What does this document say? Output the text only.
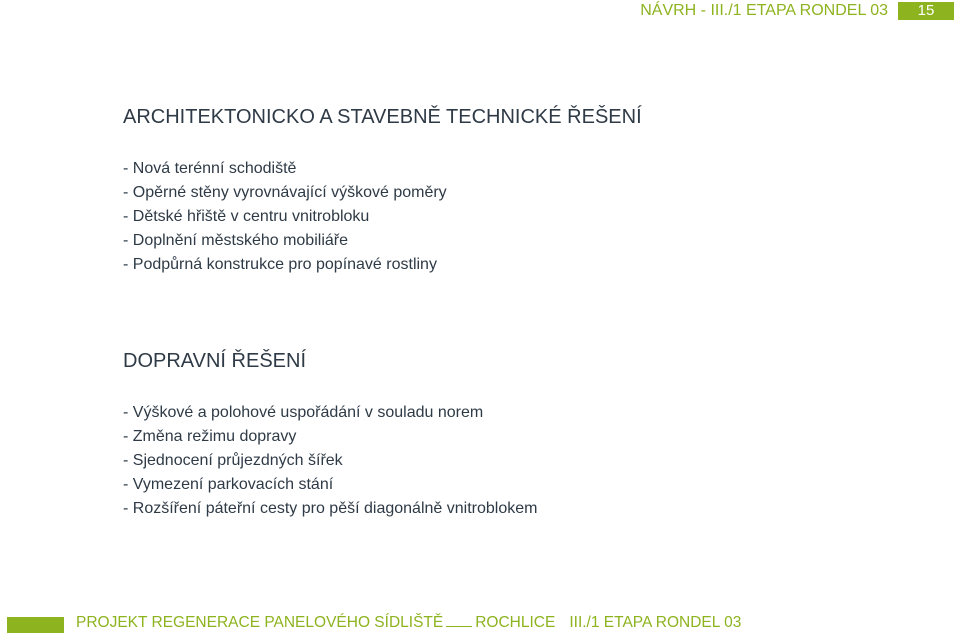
NÁVRH - III./1 ETAPA RONDEL 03	15
ARCHITEKTONICKO A STAVEBNĚ TECHNICKÉ ŘEŠENÍ
- Nová terénní schodiště
- Opěrné stěny vyrovnávající výškové poměry
- Dětské hřiště v centru vnitrobloku
- Doplnění městského mobiliáře
- Podpůrná konstrukce pro popínavé rostliny
DOPRAVNÍ ŘEŠENÍ
- Výškové a polohové uspořádání v souladu norem
- Změna režimu dopravy
- Sjednocení průjezdných šířek
- Vymezení parkovacích stání
- Rozšíření páteřní cesty pro pěší diagonálně vnitroblokem
PROJEKT REGENERACE PANELOVÉHO SÍDLIŠTĚ ROCHLICE III./1 ETAPA RONDEL 03
